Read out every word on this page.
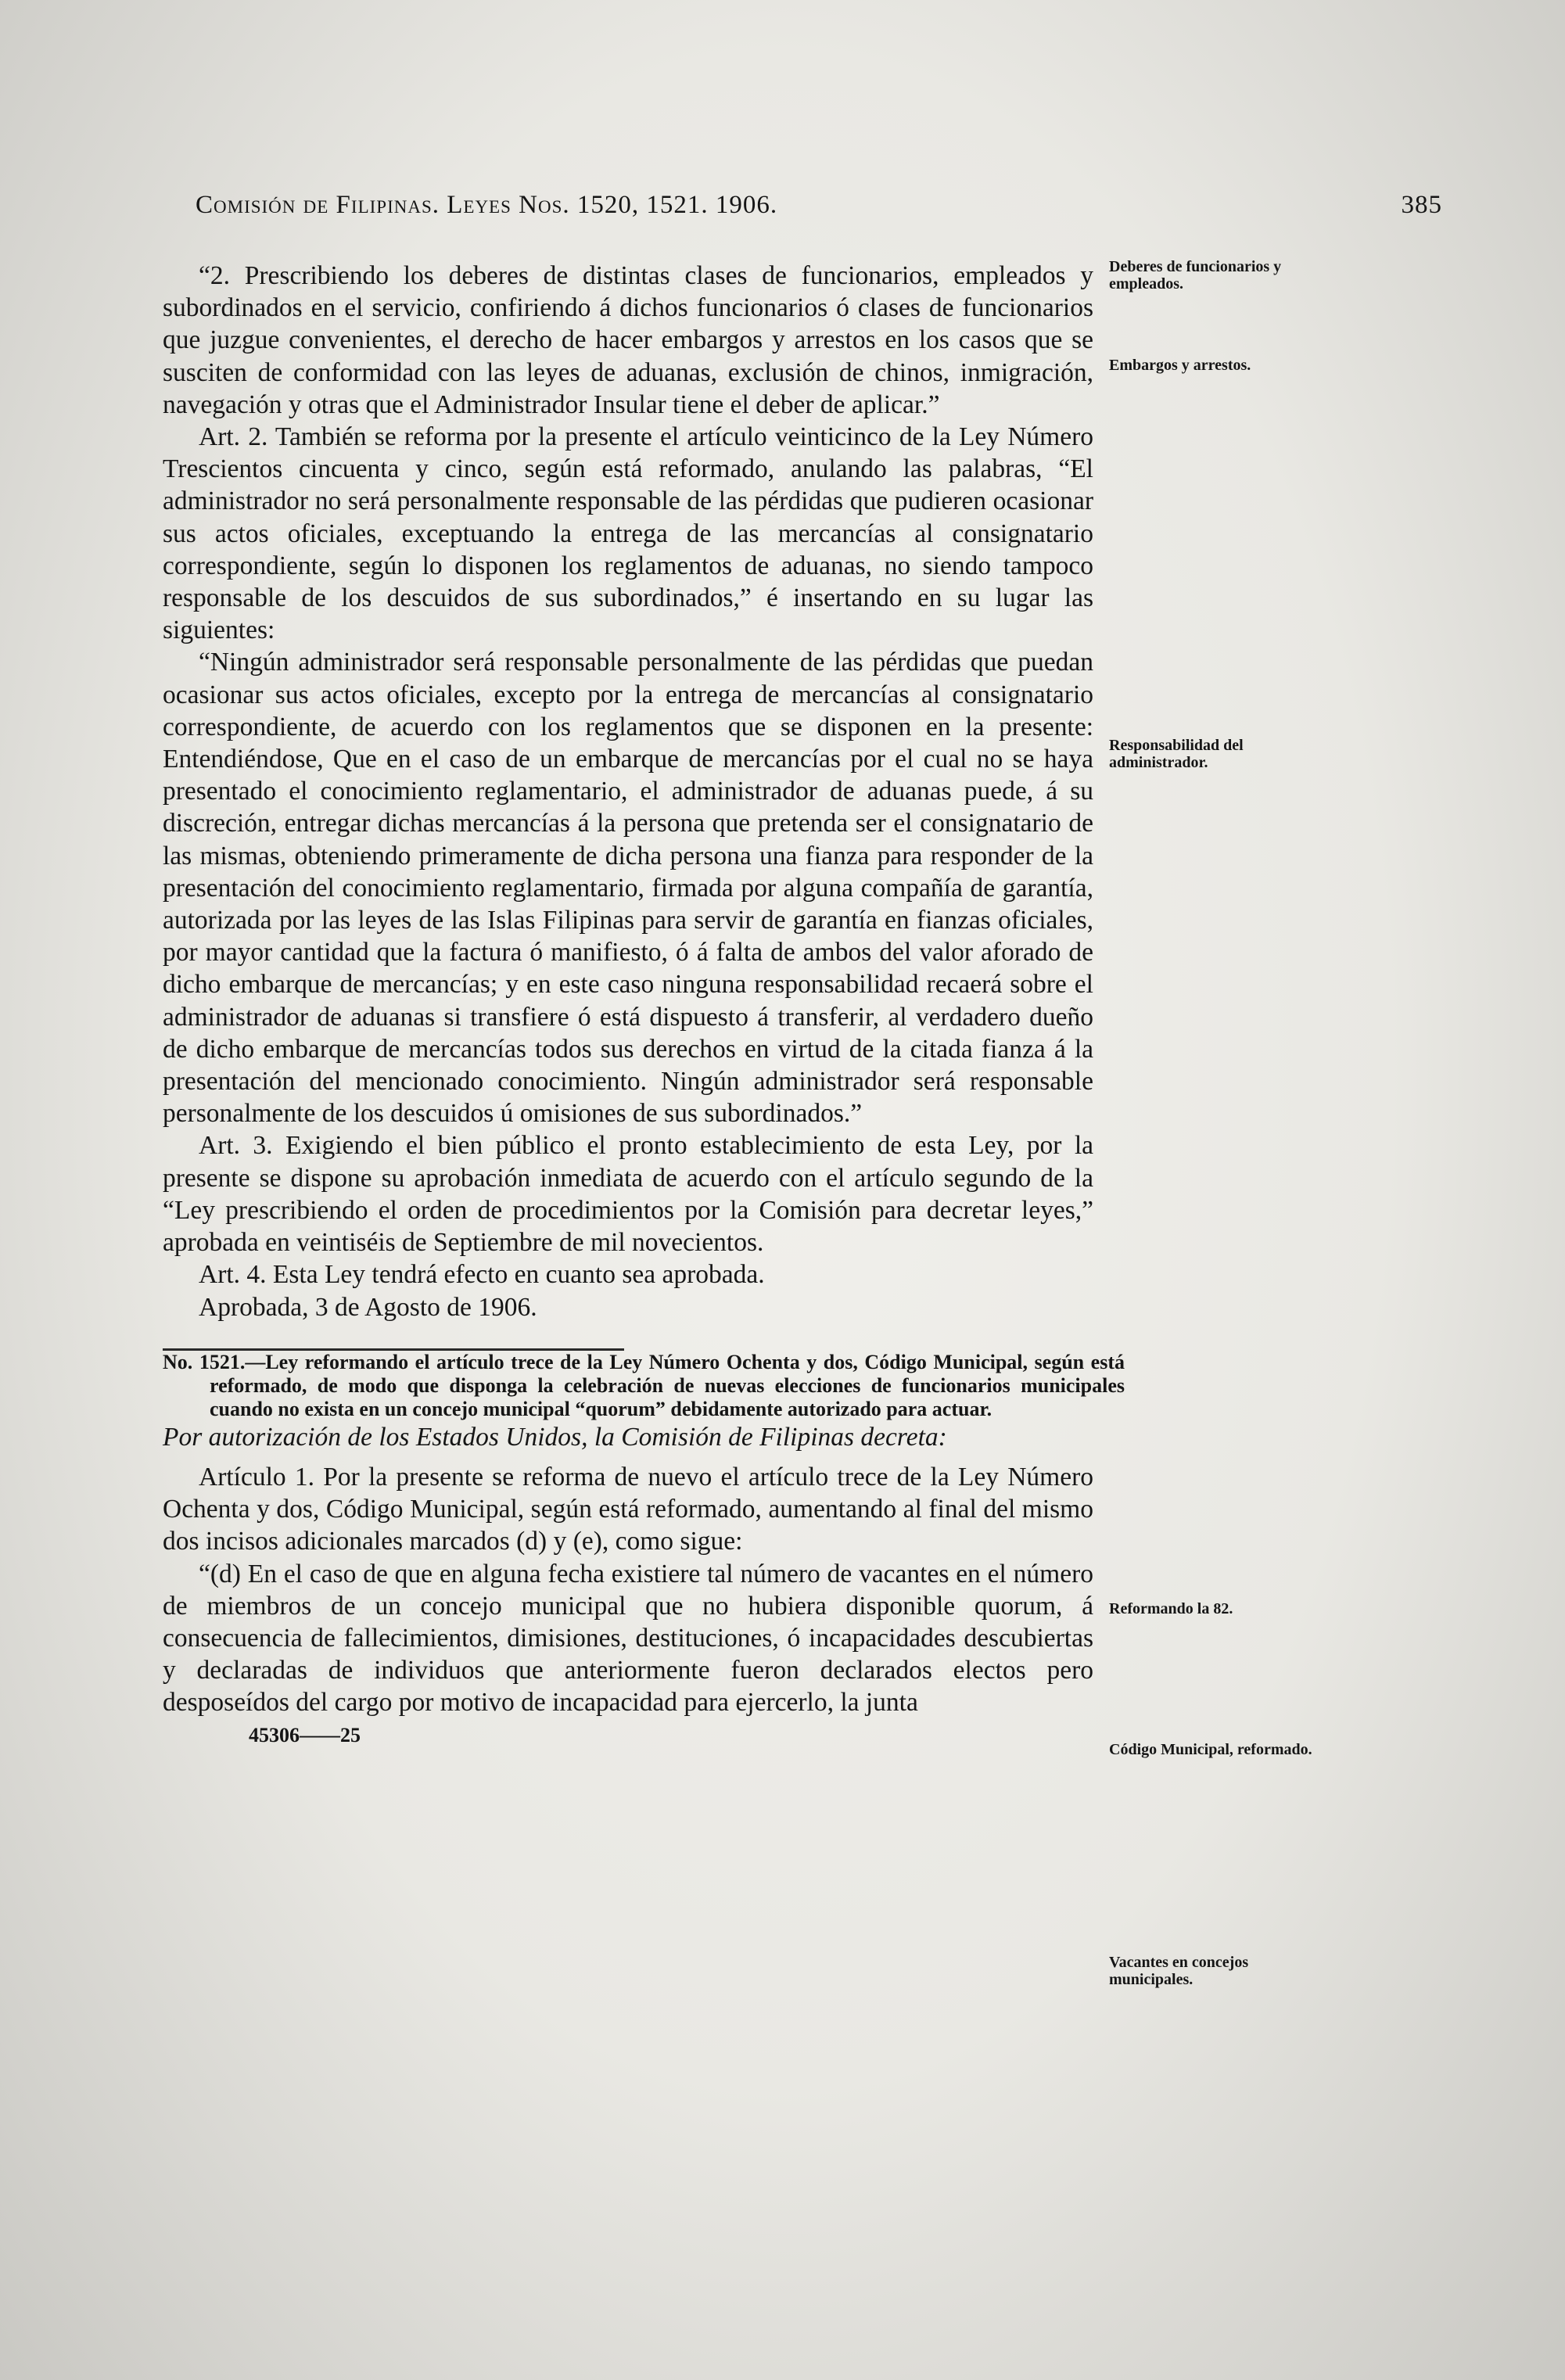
Comisión de Filipinas. Leyes Nos. 1520, 1521. 1906.	385

“2. Prescribiendo los deberes de distintas clases de funcionarios, empleados y subordinados en el servicio, confiriendo á dichos funcionarios ó clases de funcionarios que juzgue convenientes, el derecho de hacer embargos y arrestos en los casos que se susciten de conformidad con las leyes de aduanas, exclusión de chinos, inmigración, navegación y otras que el Administrador Insular tiene el deber de aplicar.”

Art. 2. También se reforma por la presente el artículo veinticinco de la Ley Número Trescientos cincuenta y cinco, según está reformado, anulando las palabras, “El administrador no será personalmente responsable de las pérdidas que pudieren ocasionar sus actos oficiales, exceptuando la entrega de las mercancías al consignatario correspondiente, según lo disponen los reglamentos de aduanas, no siendo tampoco responsable de los descuidos de sus subordinados,” é insertando en su lugar las siguientes:

“Ningún administrador será responsable personalmente de las pérdidas que puedan ocasionar sus actos oficiales, excepto por la entrega de mercancías al consignatario correspondiente, de acuerdo con los reglamentos que se disponen en la presente: Entendiéndose, Que en el caso de un embarque de mercancías por el cual no se haya presentado el conocimiento reglamentario, el administrador de aduanas puede, á su discreción, entregar dichas mercancías á la persona que pretenda ser el consignatario de las mismas, obteniendo primeramente de dicha persona una fianza para responder de la presentación del conocimiento reglamentario, firmada por alguna compañía de garantía, autorizada por las leyes de las Islas Filipinas para servir de garantía en fianzas oficiales, por mayor cantidad que la factura ó manifiesto, ó á falta de ambos del valor aforado de dicho embarque de mercancías; y en este caso ninguna responsabilidad recaerá sobre el administrador de aduanas si transfiere ó está dispuesto á transferir, al verdadero dueño de dicho embarque de mercancías todos sus derechos en virtud de la citada fianza á la presentación del mencionado conocimiento. Ningún administrador será responsable personalmente de los descuidos ú omisiones de sus subordinados.”

Art. 3. Exigiendo el bien público el pronto establecimiento de esta Ley, por la presente se dispone su aprobación inmediata de acuerdo con el artículo segundo de la “Ley prescribiendo el orden de procedimientos por la Comisión para decretar leyes,” aprobada en veintiséis de Septiembre de mil novecientos.

Art. 4. Esta Ley tendrá efecto en cuanto sea aprobada.

Aprobada, 3 de Agosto de 1906.

No. 1521.—Ley reformando el artículo trece de la Ley Número Ochenta y dos, Código Municipal, según está reformado, de modo que disponga la celebración de nuevas elecciones de funcionarios municipales cuando no exista en un concejo municipal “quorum” debidamente autorizado para actuar.

Por autorización de los Estados Unidos, la Comisión de Filipinas decreta:

Artículo 1. Por la presente se reforma de nuevo el artículo trece de la Ley Número Ochenta y dos, Código Municipal, según está reformado, aumentando al final del mismo dos incisos adicionales marcados (d) y (e), como sigue:

“(d) En el caso de que en alguna fecha existiere tal número de vacantes en el número de miembros de un concejo municipal que no hubiera disponible quorum, á consecuencia de fallecimientos, dimisiones, destituciones, ó incapacidades descubiertas y declaradas de individuos que anteriormente fueron declarados electos pero desposeídos del cargo por motivo de incapacidad para ejercerlo, la junta

45306——25

Deberes de funcionarios y empleados.
Embargos y arrestos.
Responsabilidad del administrador.
Reformando la 82.
Código Municipal, reformado.
Vacantes en concejos municipales.
